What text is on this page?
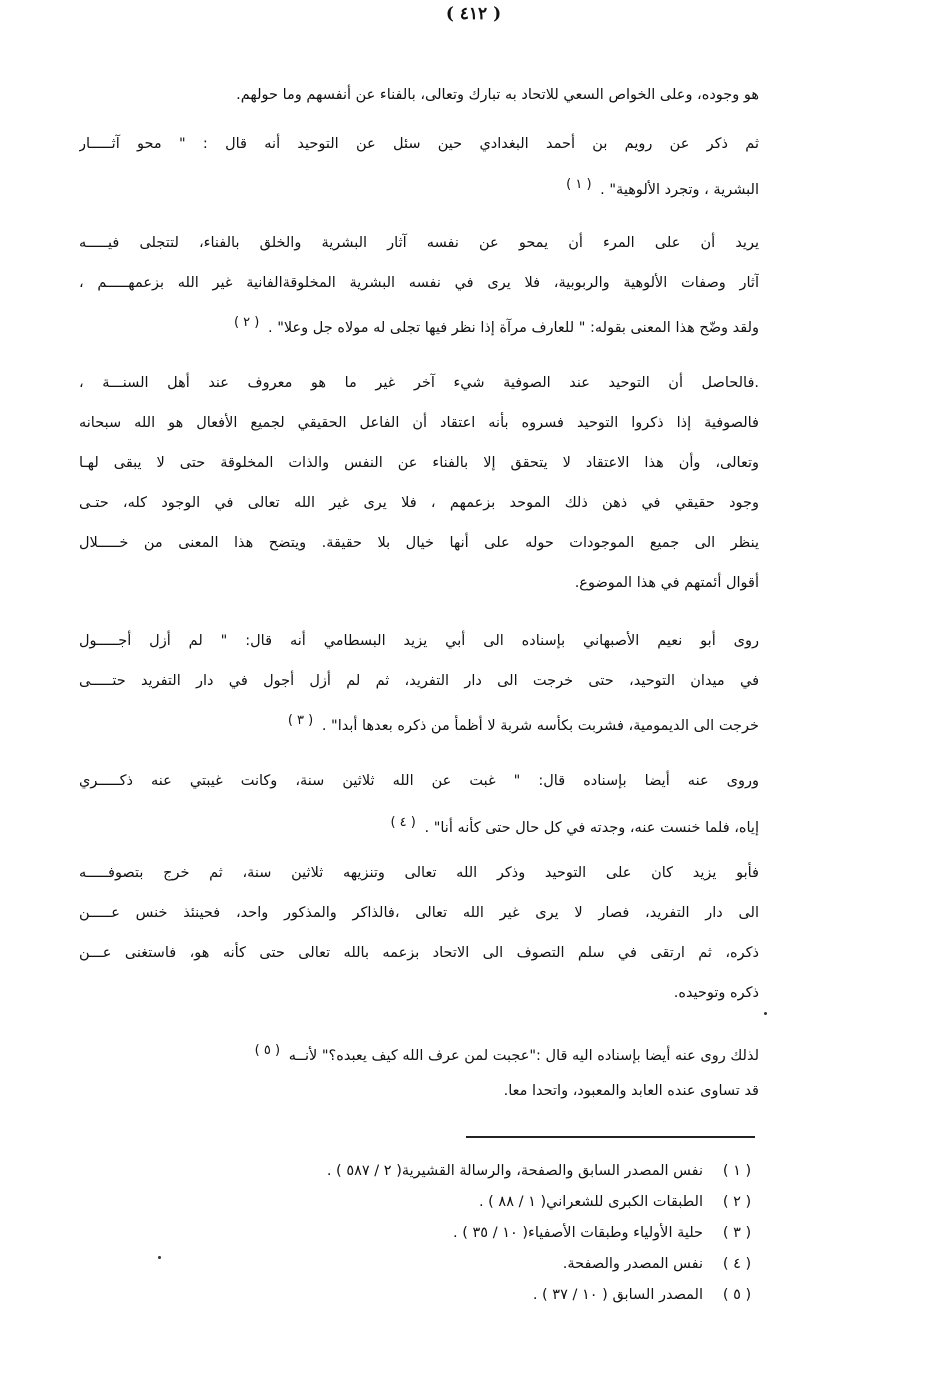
( ٤١٢ )
هو وجوده، وعلى الخواص السعي للاتحاد به تبارك وتعالى، بالفناء عن أنفسهم وما حولهم.
ثم ذكر عن رويم بن أحمد البغدادي حين سئل عن التوحيد أنه قال : " محو آثـــــار
البشرية ، وتجرد الألوهية" . ( ١ )
يريد أن على المرء أن يمحو عن نفسه آثار البشرية والخلق بالفناء، لتتجلى فيـــــه
آثار وصفات الألوهية والربوبية، فلا يرى في نفسه البشرية المخلوقةالفانية غير الله بزعمهـــــم ،
ولقد وضّح هذا المعنى بقوله: " للعارف مرآة إذا نظر فيها تجلى له مولاه جل وعلا" . ( ٢ )
.فالحاصل أن التوحيد عند الصوفية شيء آخر غير ما هو معروف عند أهل السنـــة ،
فالصوفية إذا ذكروا التوحيد فسروه بأنه اعتقاد أن الفاعل الحقيقي لجميع الأفعال هو الله سبحانه
وتعالى، وأن هذا الاعتقاد لا يتحقق إلا بالفناء عن النفس والذات المخلوقة حتى لا يبقى لهـا
وجود حقيقي في ذهن ذلك الموحد بزعمهم ، فلا يرى غير الله تعالى في الوجود كله، حتـى
ينظر الى جميع الموجودات حوله على أنها خيال بلا حقيقة. ويتضح هذا المعنى من خـــــلال
أقوال أئمتهم في هذا الموضوع.
روى أبو نعيم الأصبهاني بإسناده الى أبي يزيد البسطامي أنه قال: " لم أزل أجـــــول
في ميدان التوحيد، حتى خرجت الى دار التفريد، ثم لم أزل أجول في دار التفريد حتـــــى
خرجت الى الديمومية، فشربت بكأسه شربة لا أظمأ من ذكره بعدها أبدا" . ( ٣ )
وروى عنه أيضا بإسناده قال: " غبت عن الله ثلاثين سنة، وكانت غيبتي عنه ذكـــــري
إياه، فلما خنست عنه، وجدته في كل حال حتى كأنه أنا" . ( ٤ )
فأبو يزيد كان على التوحيد وذكر الله تعالى وتنزيهه ثلاثين سنة، ثم خرج بتصوفـــــه
الى دار التفريد، فصار لا يرى غير الله تعالى ،فالذاكر والمذكور واحد، فحينئذ خنس عـــــن
ذكره، ثم ارتقى في سلم التصوف الى الاتحاد بزعمه بالله تعالى حتى كأنه هو، فاستغنى عـــن
ذكره وتوحيده.
لذلك روى عنه أيضا بإسناده اليه قال :"عجبت لمن عرف الله كيف يعبده؟" لأنــه ( ٥ )
قد تساوى عنده العابد والمعبود، واتحدا معا.
( ١ )نفس المصدر السابق والصفحة، والرسالة القشيرية( ٢ / ٥٨٧ ) .
( ٢ )الطبقات الكبرى للشعراني( ١ / ٨٨ ) .
( ٣ )حلية الأولياء وطبقات الأصفياء( ١٠ / ٣٥ ) .
( ٤ )نفس المصدر والصفحة.
( ٥ )المصدر السابق ( ١٠ / ٣٧ ) .
